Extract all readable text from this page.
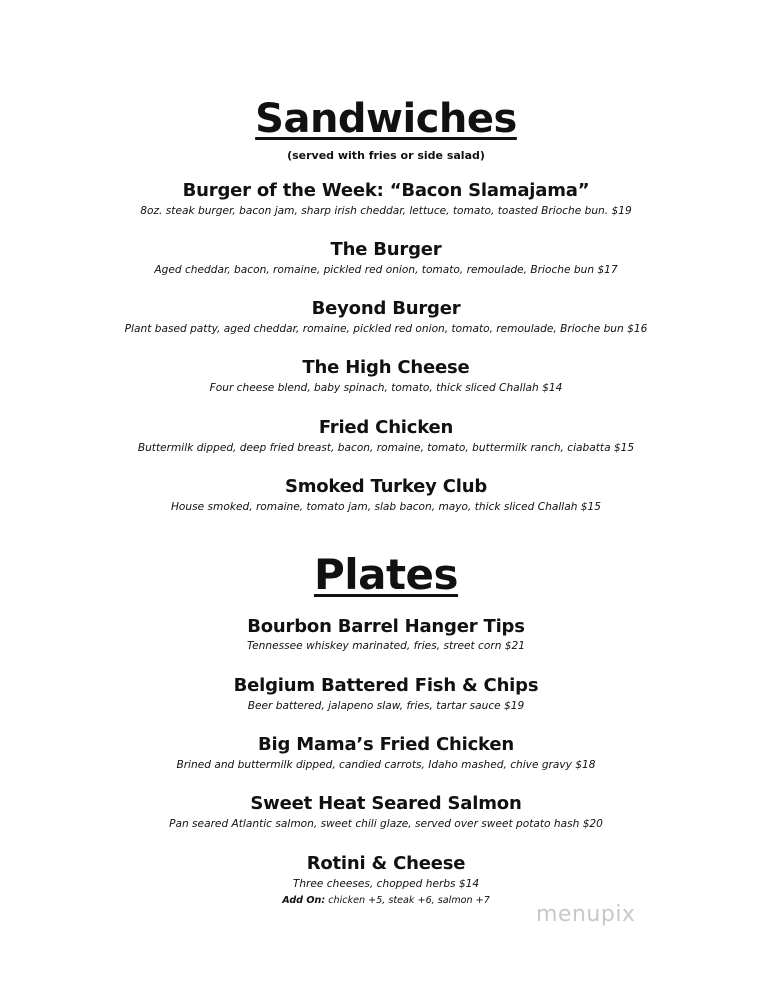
Sandwiches
(served with fries or side salad)
Burger of the Week: “Bacon Slamajama”
8oz. steak burger, bacon jam, sharp irish cheddar, lettuce, tomato, toasted Brioche bun. $19
The Burger
Aged cheddar, bacon, romaine, pickled red onion, tomato, remoulade, Brioche bun $17
Beyond Burger
Plant based patty, aged cheddar, romaine, pickled red onion, tomato, remoulade, Brioche bun $16
The High Cheese
Four cheese blend, baby spinach, tomato, thick sliced Challah $14
Fried Chicken
Buttermilk dipped, deep fried breast, bacon, romaine, tomato, buttermilk ranch, ciabatta $15
Smoked Turkey Club
House smoked, romaine, tomato jam, slab bacon, mayo, thick sliced Challah $15
Plates
Bourbon Barrel Hanger Tips
Tennessee whiskey marinated, fries, street corn $21
Belgium Battered Fish & Chips
Beer battered, jalapeno slaw, fries, tartar sauce $19
Big Mama’s Fried Chicken
Brined and buttermilk dipped, candied carrots, Idaho mashed, chive gravy $18
Sweet Heat Seared Salmon
Pan seared Atlantic salmon, sweet chili glaze, served over sweet potato hash $20
Rotini & Cheese
Three cheeses, chopped herbs $14
Add On: chicken +5, steak +6, salmon +7
menupix
